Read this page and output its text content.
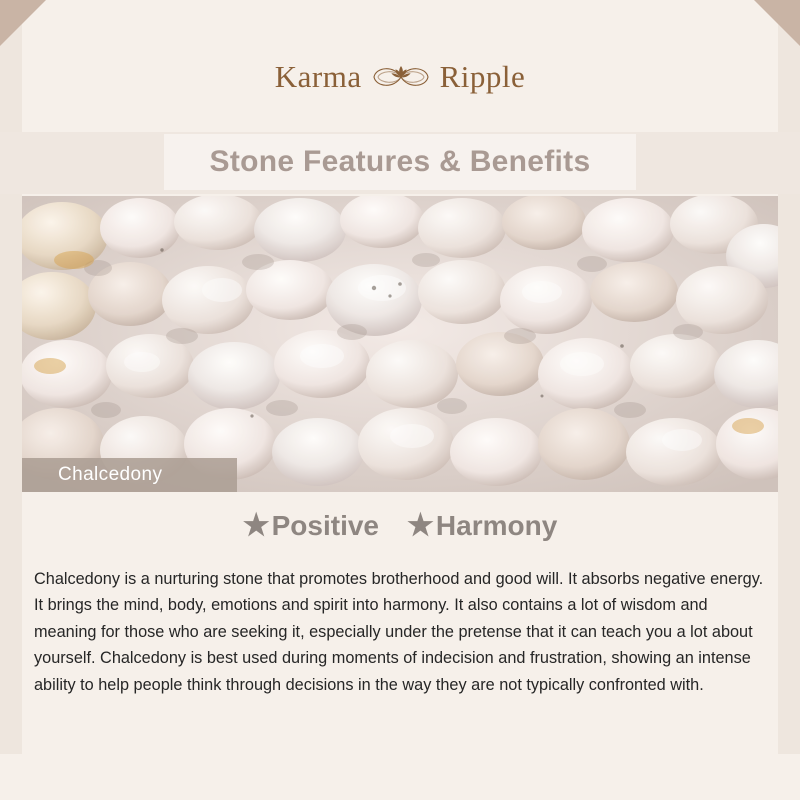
Karma	Ripple
Stone Features & Benefits
Chalcedony
★ Positive ★ Harmony
Chalcedony is a nurturing stone that promotes brotherhood and good will. It absorbs negative energy. It brings the mind, body, emotions and spirit into harmony. It also contains a lot of wisdom and meaning for those who are seeking it, especially under the pretense that it can teach you a lot about yourself. Chalcedony is best used during moments of indecision and frustration, showing an intense ability to help people think through decisions in the way they are not typically confronted with.
